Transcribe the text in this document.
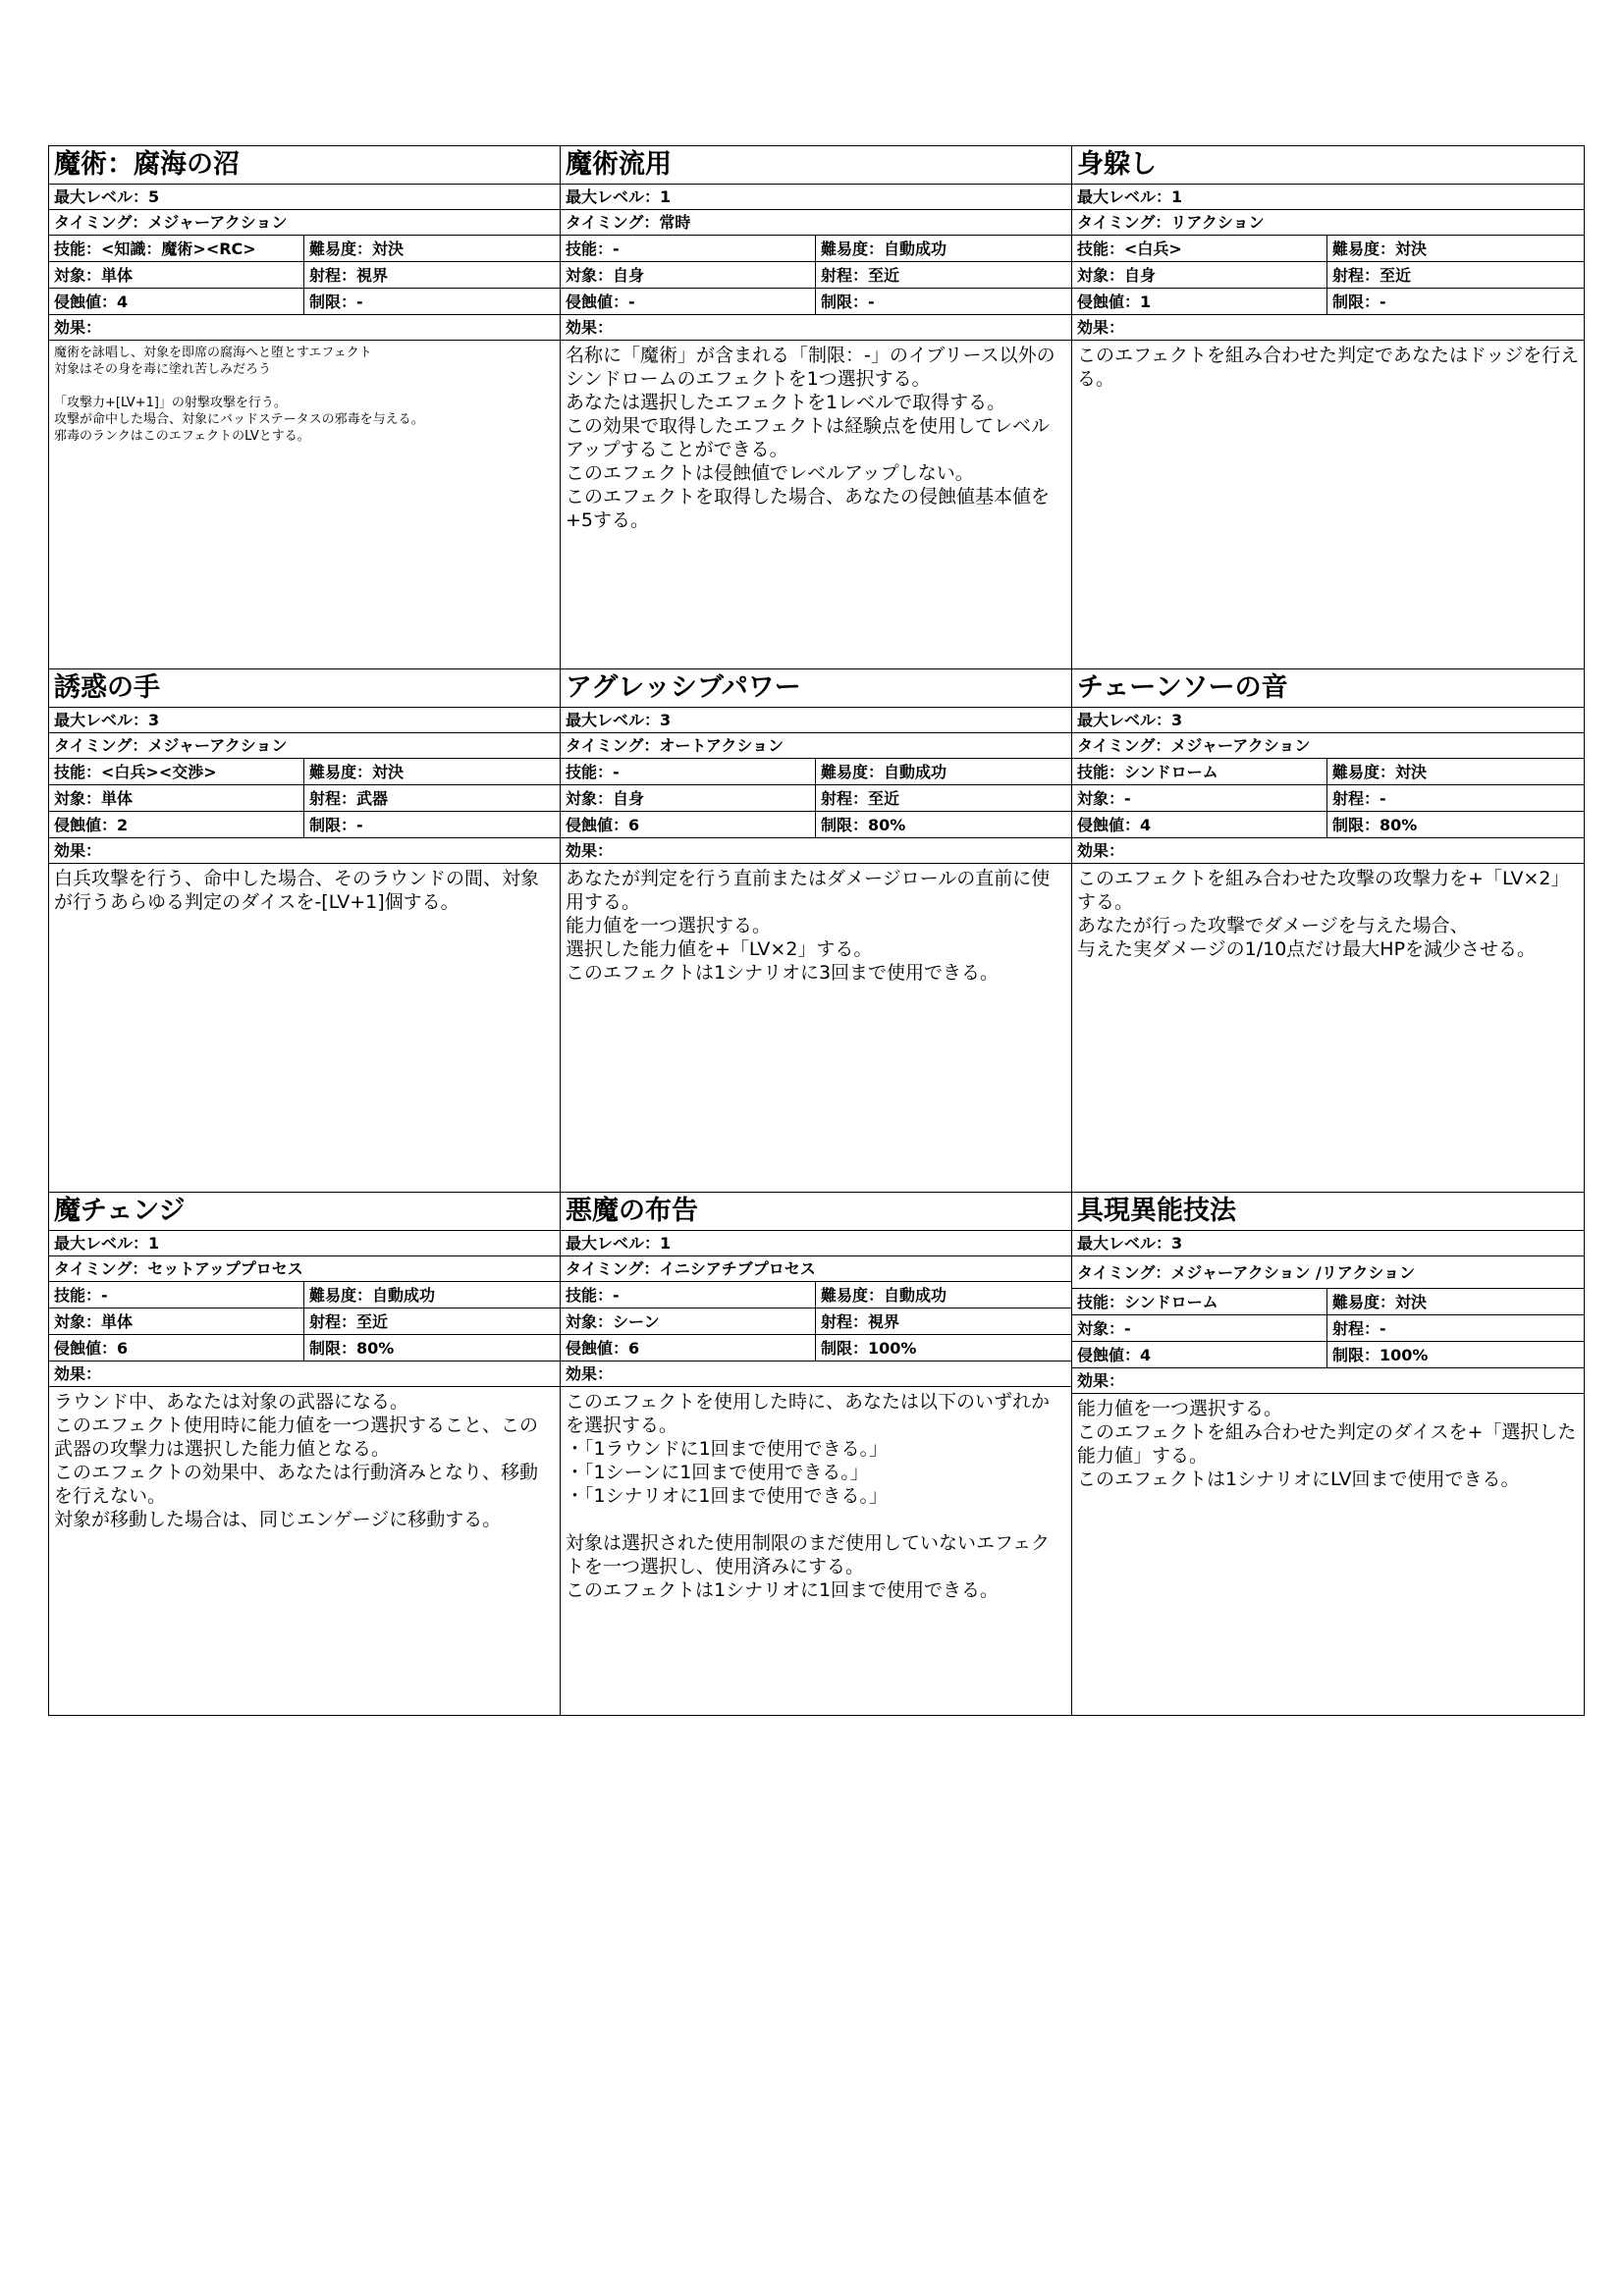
魔術：腐海の沼
最大レベル：5
タイミング：メジャーアクション
技能：<知識：魔術><RC>	難易度：対決
対象：単体	射程：視界
侵蝕値：4	制限：-
効果：
魔術を詠唱し、対象を即席の腐海へと堕とすエフェクト
対象はその身を毒に塗れ苦しみだろう

「攻撃力+[LV+1]」の射撃攻撃を行う。
攻撃が命中した場合、対象にバッドステータスの邪毒を与える。
邪毒のランクはこのエフェクトのLVとする。
魔術流用
最大レベル：1
タイミング：常時
技能：-	難易度：自動成功
対象：自身	射程：至近
侵蝕値：-	制限：-
効果：
名称に「魔術」が含まれる「制限：-」のイブリース以外のシンドロームのエフェクトを1つ選択する。
あなたは選択したエフェクトを1レベルで取得する。
この効果で取得したエフェクトは経験点を使用してレベルアップすることができる。
このエフェクトは侵蝕値でレベルアップしない。
このエフェクトを取得した場合、あなたの侵蝕値基本値を+5する。
身躱し
最大レベル：1
タイミング：リアクション
技能：<白兵>	難易度：対決
対象：自身	射程：至近
侵蝕値：1	制限：-
効果：
このエフェクトを組み合わせた判定であなたはドッジを行える。
誘惑の手
最大レベル：3
タイミング：メジャーアクション
技能：<白兵><交渉>	難易度：対決
対象：単体	射程：武器
侵蝕値：2	制限：-
効果：
白兵攻撃を行う、命中した場合、そのラウンドの間、対象が行うあらゆる判定のダイスを-[LV+1]個する。
アグレッシブパワー
最大レベル：3
タイミング：オートアクション
技能：-	難易度：自動成功
対象：自身	射程：至近
侵蝕値：6	制限：80%
効果：
あなたが判定を行う直前またはダメージロールの直前に使用する。
能力値を一つ選択する。
選択した能力値を+「LV×2」する。
このエフェクトは1シナリオに3回まで使用できる。
チェーンソーの音
最大レベル：3
タイミング：メジャーアクション
技能：シンドローム	難易度：対決
対象：-	射程：-
侵蝕値：4	制限：80%
効果：
このエフェクトを組み合わせた攻撃の攻撃力を+「LV×2」する。
あなたが行った攻撃でダメージを与えた場合、
与えた実ダメージの1/10点だけ最大HPを減少させる。
魔チェンジ
最大レベル：1
タイミング：セットアッププロセス
技能：-	難易度：自動成功
対象：単体	射程：至近
侵蝕値：6	制限：80%
効果：
ラウンド中、あなたは対象の武器になる。
このエフェクト使用時に能力値を一つ選択すること、この武器の攻撃力は選択した能力値となる。
このエフェクトの効果中、あなたは行動済みとなり、移動を行えない。
対象が移動した場合は、同じエンゲージに移動する。
悪魔の布告
最大レベル：1
タイミング：イニシアチブプロセス
技能：-	難易度：自動成功
対象：シーン	射程：視界
侵蝕値：6	制限：100%
効果：
このエフェクトを使用した時に、あなたは以下のいずれかを選択する。
・「1ラウンドに1回まで使用できる。」
・「1シーンに1回まで使用できる。」
・「1シナリオに1回まで使用できる。」

対象は選択された使用制限のまだ使用していないエフェクトを一つ選択し、使用済みにする。
このエフェクトは1シナリオに1回まで使用できる。
具現異能技法
最大レベル：3
タイミング：メジャーアクション /リアクション
技能：シンドローム	難易度：対決
対象：-	射程：-
侵蝕値：4	制限：100%
効果：
能力値を一つ選択する。
このエフェクトを組み合わせた判定のダイスを+「選択した能力値」する。
このエフェクトは1シナリオにLV回まで使用できる。
